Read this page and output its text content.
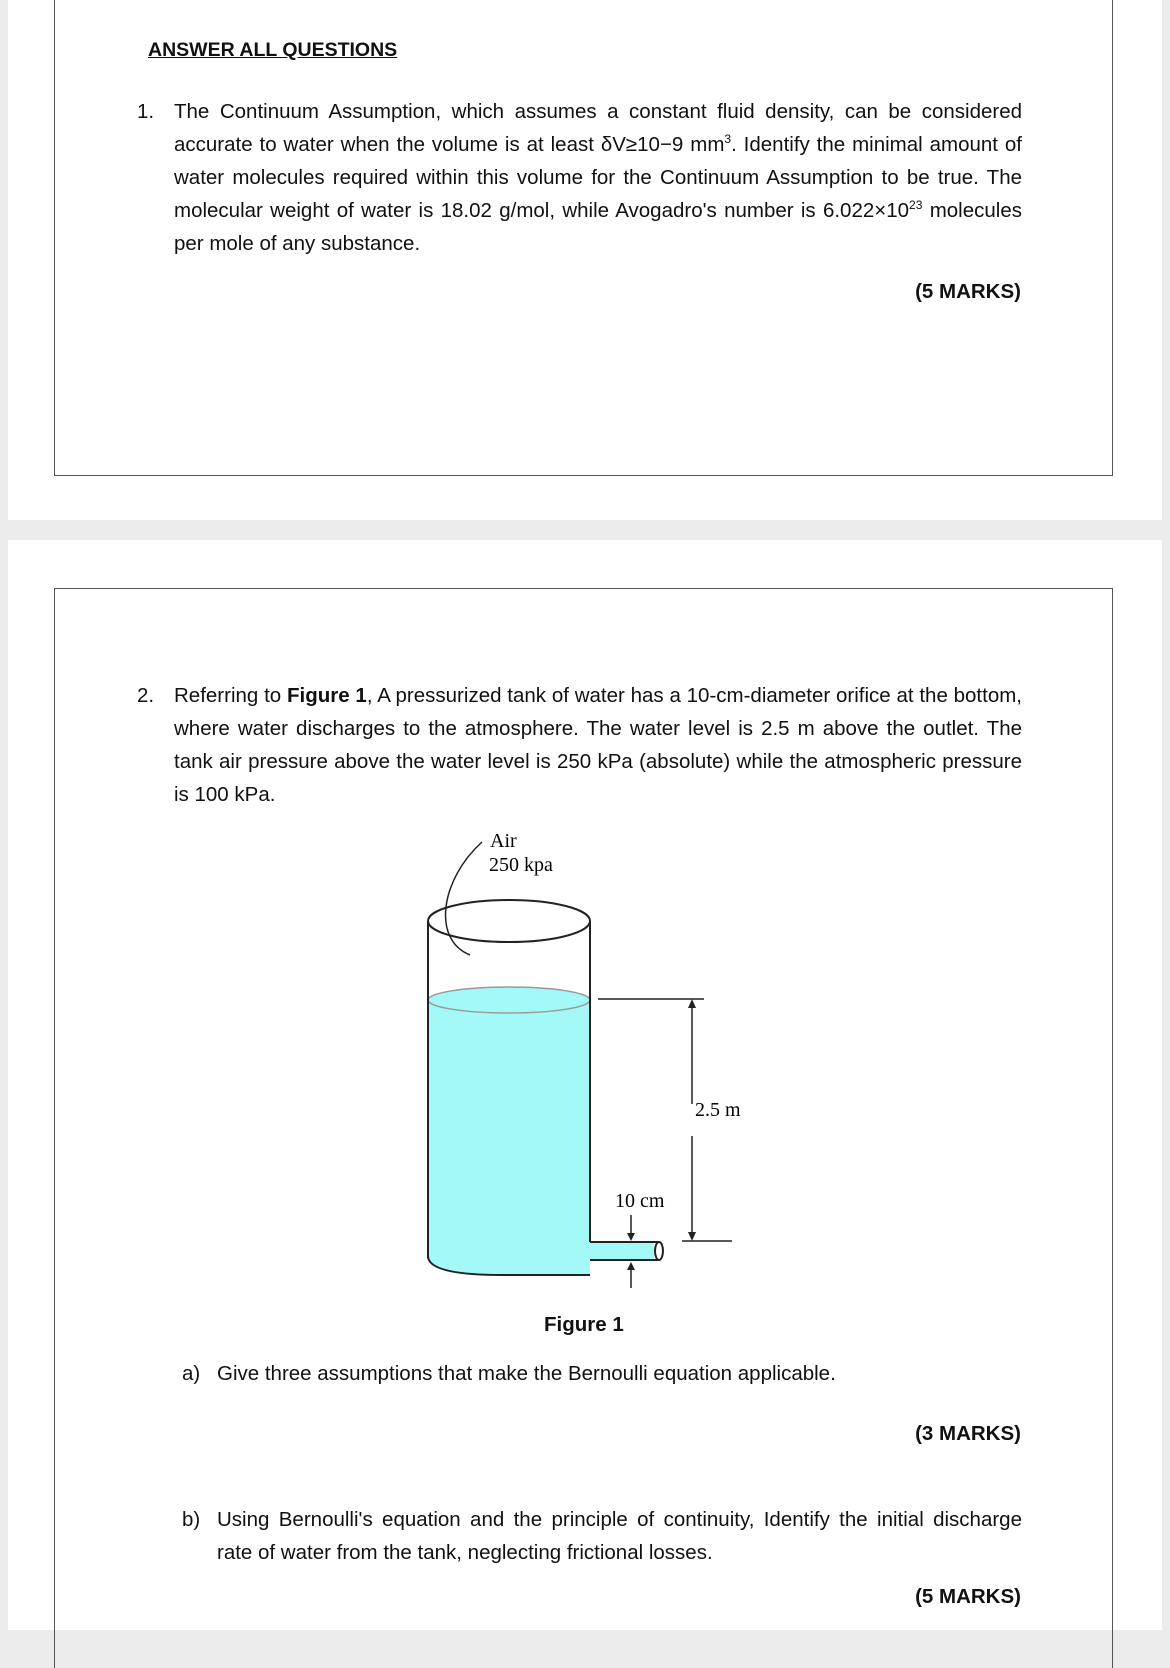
ANSWER ALL QUESTIONS
1. The Continuum Assumption, which assumes a constant fluid density, can be considered accurate to water when the volume is at least δV≥10−9 $mm^3$. Identify the minimal amount of water molecules required within this volume for the Continuum Assumption to be true. The molecular weight of water is 18.02 g/mol, while Avogadro's number is $6.022\times 10^{23}$ molecules per mole of any substance.
(5 MARKS)
2. Referring to Figure 1, A pressurized tank of water has a 10-cm-diameter orifice at the bottom, where water discharges to the atmosphere. The water level is 2.5 m above the outlet. The tank air pressure above the water level is 250 kPa (absolute) while the atmospheric pressure is 100 kPa.
Air
250 kpa
2.5 m
10 cm
Figure 1
a) Give three assumptions that make the Bernoulli equation applicable.
(3 MARKS)
b) Using Bernoulli's equation and the principle of continuity, Identify the initial discharge rate of water from the tank, neglecting frictional losses.
(5 MARKS)
